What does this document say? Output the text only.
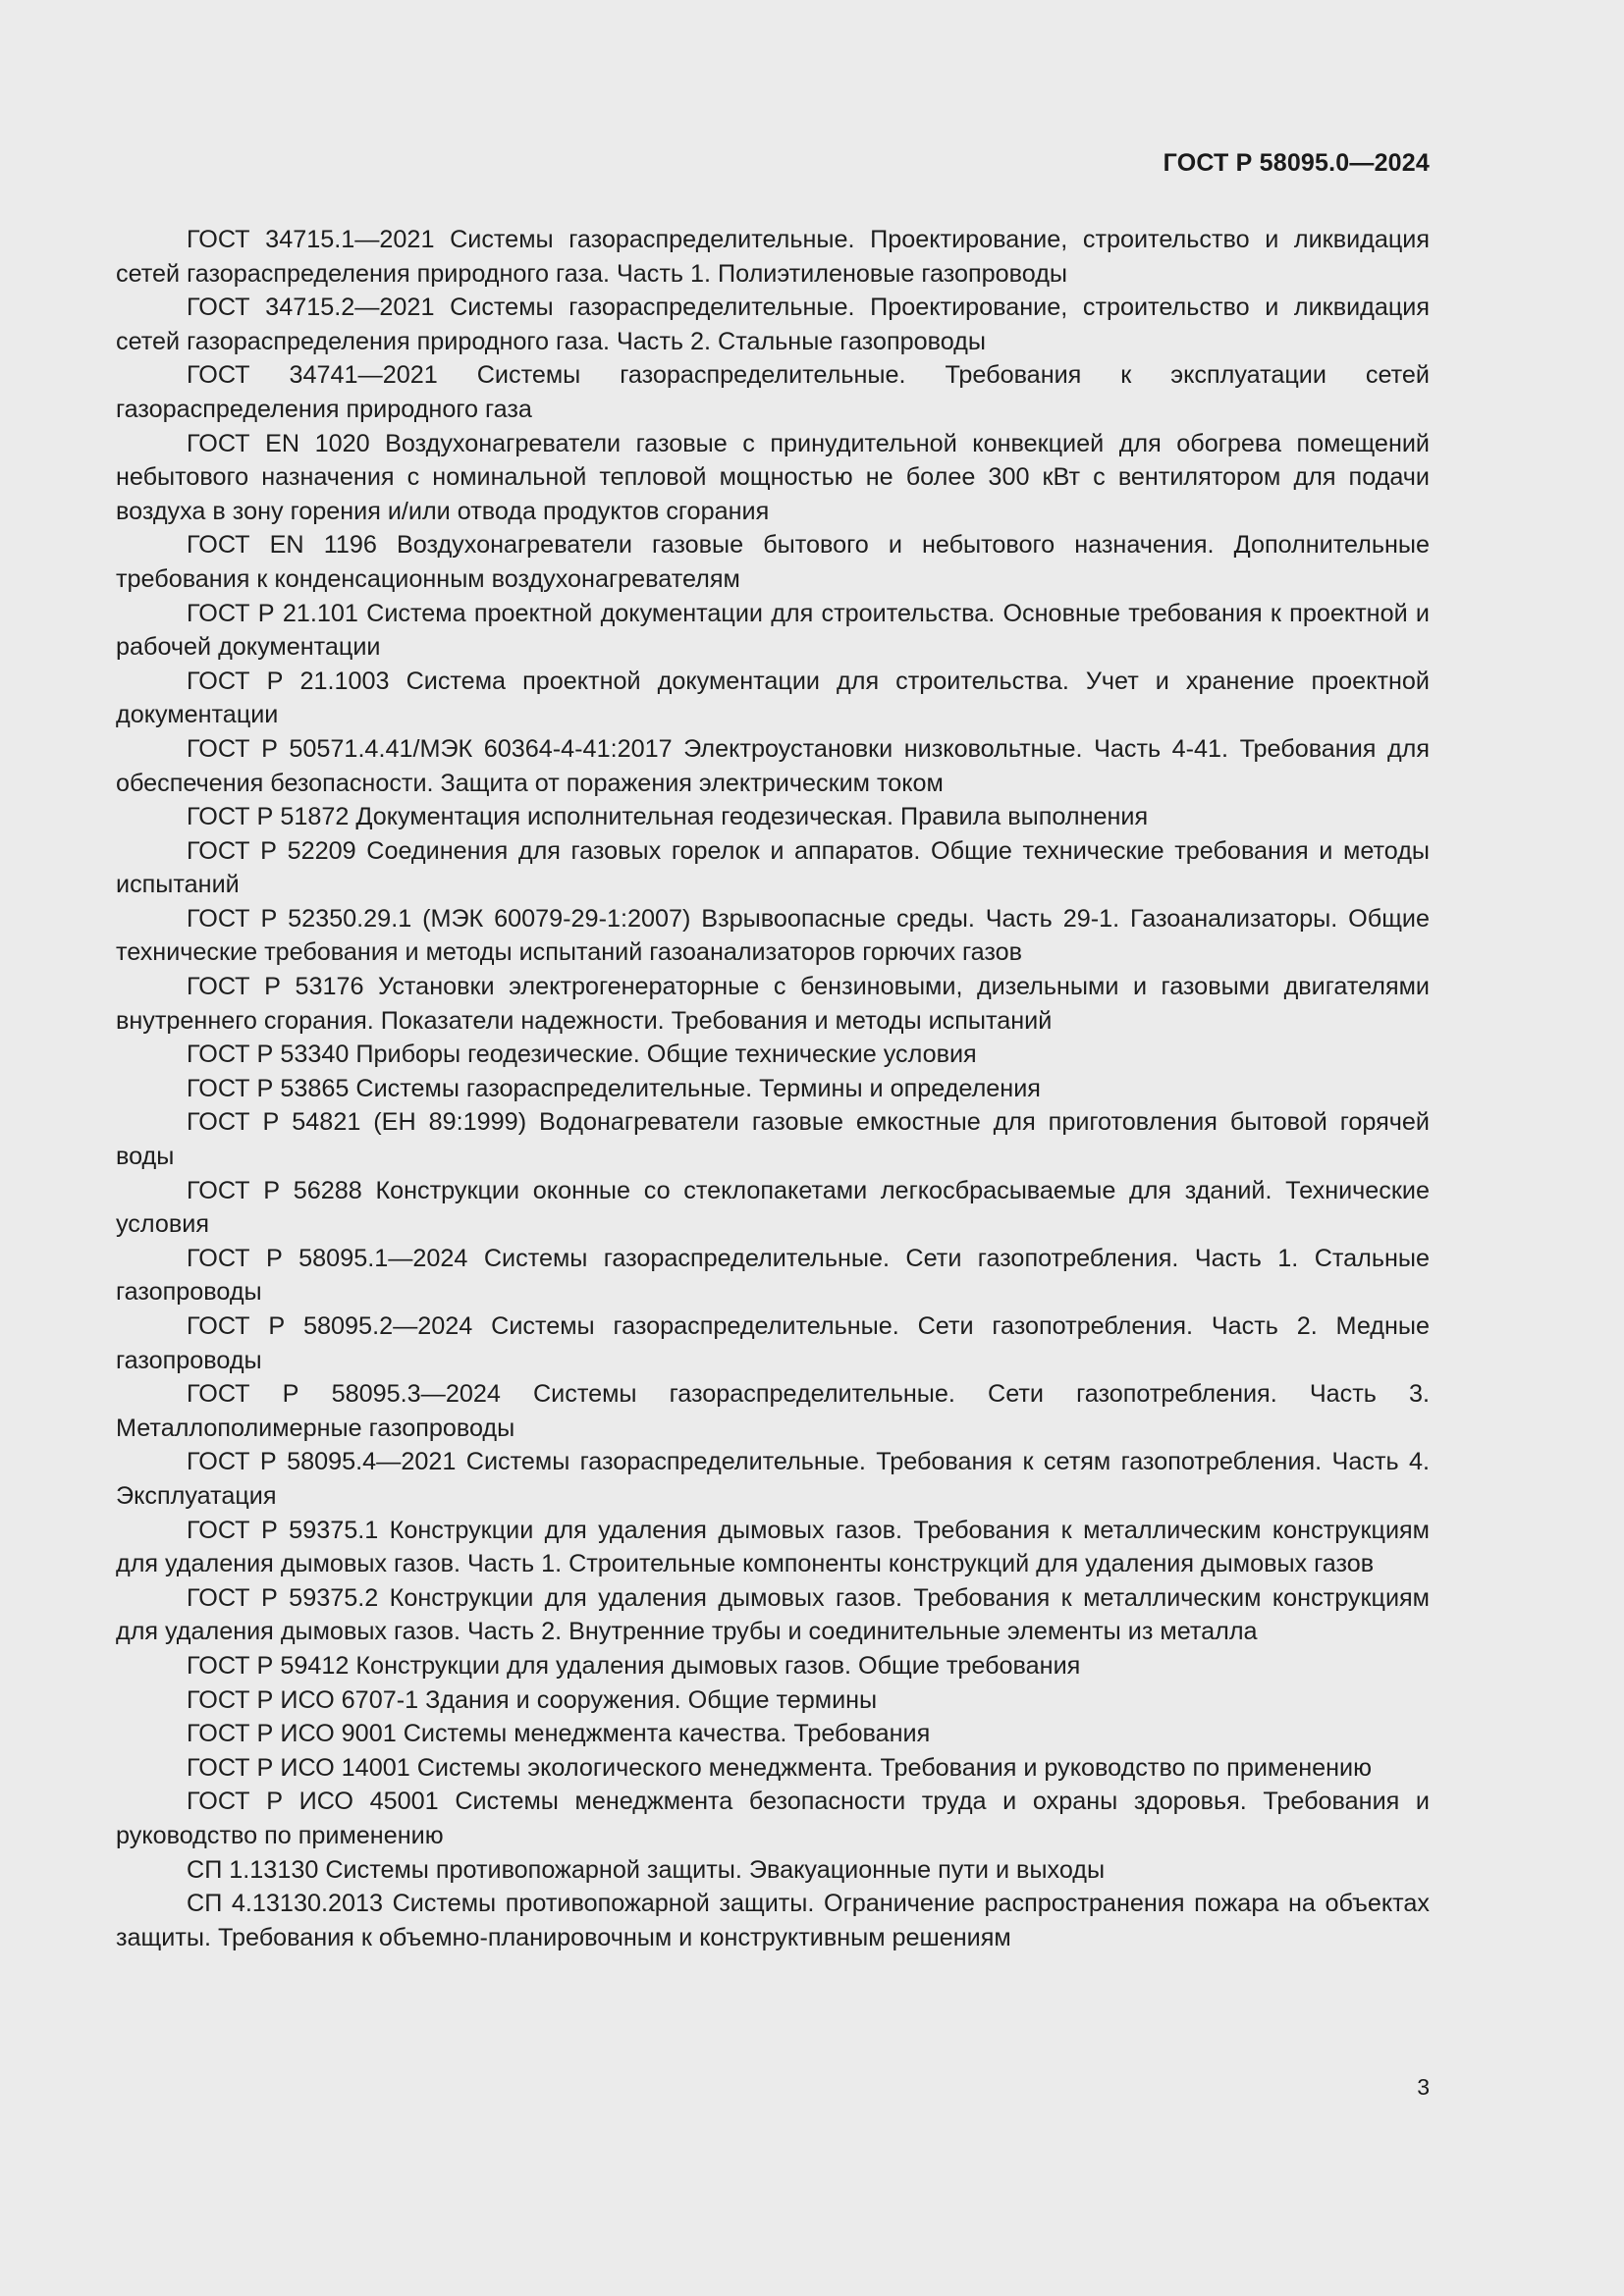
ГОСТ Р 58095.0—2024

ГОСТ 34715.1—2021 Системы газораспределительные. Проектирование, строительство и ликвидация сетей газораспределения природного газа. Часть 1. Полиэтиленовые газопроводы

ГОСТ 34715.2—2021 Системы газораспределительные. Проектирование, строительство и ликвидация сетей газораспределения природного газа. Часть 2. Стальные газопроводы

ГОСТ 34741—2021 Системы газораспределительные. Требования к эксплуатации сетей газораспределения природного газа

ГОСТ EN 1020 Воздухонагреватели газовые с принудительной конвекцией для обогрева помещений небытового назначения с номинальной тепловой мощностью не более 300 кВт с вентилятором для подачи воздуха в зону горения и/или отвода продуктов сгорания

ГОСТ EN 1196 Воздухонагреватели газовые бытового и небытового назначения. Дополнительные требования к конденсационным воздухонагревателям

ГОСТ Р 21.101 Система проектной документации для строительства. Основные требования к проектной и рабочей документации

ГОСТ Р 21.1003 Система проектной документации для строительства. Учет и хранение проектной документации

ГОСТ Р 50571.4.41/МЭК 60364-4-41:2017 Электроустановки низковольтные. Часть 4-41. Требования для обеспечения безопасности. Защита от поражения электрическим током

ГОСТ Р 51872 Документация исполнительная геодезическая. Правила выполнения

ГОСТ Р 52209 Соединения для газовых горелок и аппаратов. Общие технические требования и методы испытаний

ГОСТ Р 52350.29.1 (МЭК 60079-29-1:2007) Взрывоопасные среды. Часть 29-1. Газоанализаторы. Общие технические требования и методы испытаний газоанализаторов горючих газов

ГОСТ Р 53176 Установки электрогенераторные с бензиновыми, дизельными и газовыми двигателями внутреннего сгорания. Показатели надежности. Требования и методы испытаний

ГОСТ Р 53340 Приборы геодезические. Общие технические условия

ГОСТ Р 53865 Системы газораспределительные. Термины и определения

ГОСТ Р 54821 (ЕН 89:1999) Водонагреватели газовые емкостные для приготовления бытовой горячей воды

ГОСТ Р 56288 Конструкции оконные со стеклопакетами легкосбрасываемые для зданий. Технические условия

ГОСТ Р 58095.1—2024 Системы газораспределительные. Сети газопотребления. Часть 1. Стальные газопроводы

ГОСТ Р 58095.2—2024 Системы газораспределительные. Сети газопотребления. Часть 2. Медные газопроводы

ГОСТ Р 58095.3—2024 Системы газораспределительные. Сети газопотребления. Часть 3. Металлополимерные газопроводы

ГОСТ Р 58095.4—2021 Системы газораспределительные. Требования к сетям газопотребления. Часть 4. Эксплуатация

ГОСТ Р 59375.1 Конструкции для удаления дымовых газов. Требования к металлическим конструкциям для удаления дымовых газов. Часть 1. Строительные компоненты конструкций для удаления дымовых газов

ГОСТ Р 59375.2 Конструкции для удаления дымовых газов. Требования к металлическим конструкциям для удаления дымовых газов. Часть 2. Внутренние трубы и соединительные элементы из металла

ГОСТ Р 59412 Конструкции для удаления дымовых газов. Общие требования

ГОСТ Р ИСО 6707-1 Здания и сооружения. Общие термины

ГОСТ Р ИСО 9001 Системы менеджмента качества. Требования

ГОСТ Р ИСО 14001 Системы экологического менеджмента. Требования и руководство по применению

ГОСТ Р ИСО 45001 Системы менеджмента безопасности труда и охраны здоровья. Требования и руководство по применению

СП 1.13130 Системы противопожарной защиты. Эвакуационные пути и выходы

СП 4.13130.2013 Системы противопожарной защиты. Ограничение распространения пожара на объектах защиты. Требования к объемно-планировочным и конструктивным решениям

3
